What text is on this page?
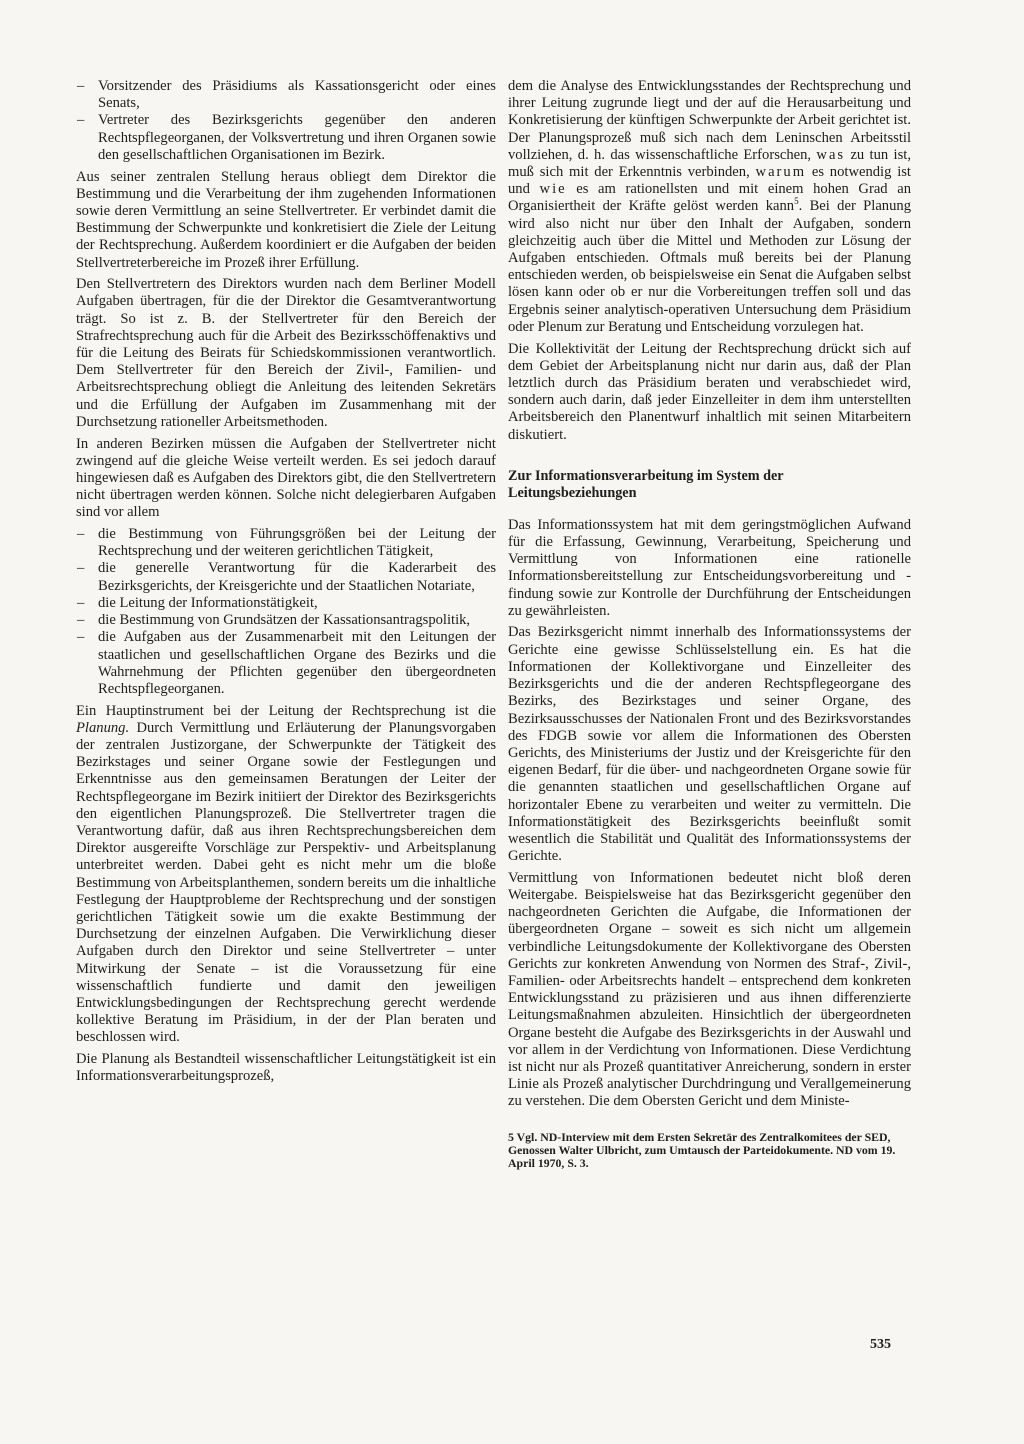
– Vorsitzender des Präsidiums als Kassationsgericht oder eines Senats,
– Vertreter des Bezirksgerichts gegenüber den anderen Rechtspflegeorganen, der Volksvertretung und ihren Organen sowie den gesellschaftlichen Organisationen im Bezirk.

Aus seiner zentralen Stellung heraus obliegt dem Direktor die Bestimmung und die Verarbeitung der ihm zugehenden Informationen sowie deren Vermittlung an seine Stellvertreter. Er verbindet damit die Bestimmung der Schwerpunkte und konkretisiert die Ziele der Leitung der Rechtsprechung. Außerdem koordiniert er die Aufgaben der beiden Stellvertreterbereiche im Prozeß ihrer Erfüllung.

Den Stellvertretern des Direktors wurden nach dem Berliner Modell Aufgaben übertragen, für die der Direktor die Gesamtverantwortung trägt. So ist z. B. der Stellvertreter für den Bereich der Strafrechtsprechung auch für die Arbeit des Bezirksschöffenaktivs und für die Leitung des Beirats für Schiedskommissionen verantwortlich. Dem Stellvertreter für den Bereich der Zivil-, Familien- und Arbeitsrechtsprechung obliegt die Anleitung des leitenden Sekretärs und die Erfüllung der Aufgaben im Zusammenhang mit der Durchsetzung rationeller Arbeitsmethoden.

In anderen Bezirken müssen die Aufgaben der Stellvertreter nicht zwingend auf die gleiche Weise verteilt werden. Es sei jedoch darauf hingewiesen daß es Aufgaben des Direktors gibt, die den Stellvertretern nicht übertragen werden können. Solche nicht delegierbaren Aufgaben sind vor allem

– die Bestimmung von Führungsgrößen bei der Leitung der Rechtsprechung und der weiteren gerichtlichen Tätigkeit,
– die generelle Verantwortung für die Kaderarbeit des Bezirksgerichts, der Kreisgerichte und der Staatlichen Notariate,
– die Leitung der Informationstätigkeit,
– die Bestimmung von Grundsätzen der Kassationsantragspolitik,
– die Aufgaben aus der Zusammenarbeit mit den Leitungen der staatlichen und gesellschaftlichen Organe des Bezirks und die Wahrnehmung der Pflichten gegenüber den übergeordneten Rechtspflegeorganen.

Ein Hauptinstrument bei der Leitung der Rechtsprechung ist die Planung. Durch Vermittlung und Erläuterung der Planungsvorgaben der zentralen Justizorgane, der Schwerpunkte der Tätigkeit des Bezirkstages und seiner Organe sowie der Festlegungen und Erkenntnisse aus den gemeinsamen Beratungen der Leiter der Rechtspflegeorgane im Bezirk initiiert der Direktor des Bezirksgerichts den eigentlichen Planungsprozeß. Die Stellvertreter tragen die Verantwortung dafür, daß aus ihren Rechtsprechungsbereichen dem Direktor ausgereifte Vorschläge zur Perspektiv- und Arbeitsplanung unterbreitet werden. Dabei geht es nicht mehr um die bloße Bestimmung von Arbeitsplanthemen, sondern bereits um die inhaltliche Festlegung der Hauptprobleme der Rechtsprechung und der sonstigen gerichtlichen Tätigkeit sowie um die exakte Bestimmung der Durchsetzung der einzelnen Aufgaben. Die Verwirklichung dieser Aufgaben durch den Direktor und seine Stellvertreter – unter Mitwirkung der Senate – ist die Voraussetzung für eine wissenschaftlich fundierte und damit den jeweiligen Entwicklungsbedingungen der Rechtsprechung gerecht werdende kollektive Beratung im Präsidium, in der der Plan beraten und beschlossen wird.

Die Planung als Bestandteil wissenschaftlicher Leitungstätigkeit ist ein Informationsverarbeitungsprozeß,

dem die Analyse des Entwicklungsstandes der Rechtsprechung und ihrer Leitung zugrunde liegt und der auf die Herausarbeitung und Konkretisierung der künftigen Schwerpunkte der Arbeit gerichtet ist. Der Planungsprozeß muß sich nach dem Leninschen Arbeitsstil vollziehen, d. h. das wissenschaftliche Erforschen, was zu tun ist, muß sich mit der Erkenntnis verbinden, warum es notwendig ist und wie es am rationellsten und mit einem hohen Grad an Organisiertheit der Kräfte gelöst werden kann$^5$. Bei der Planung wird also nicht nur über den Inhalt der Aufgaben, sondern gleichzeitig auch über die Mittel und Methoden zur Lösung der Aufgaben entschieden. Oftmals muß bereits bei der Planung entschieden werden, ob beispielsweise ein Senat die Aufgaben selbst lösen kann oder ob er nur die Vorbereitungen treffen soll und das Ergebnis seiner analytisch-operativen Untersuchung dem Präsidium oder Plenum zur Beratung und Entscheidung vorzulegen hat.

Die Kollektivität der Leitung der Rechtsprechung drückt sich auf dem Gebiet der Arbeitsplanung nicht nur darin aus, daß der Plan letztlich durch das Präsidium beraten und verabschiedet wird, sondern auch darin, daß jeder Einzelleiter in dem ihm unterstellten Arbeitsbereich den Planentwurf inhaltlich mit seinen Mitarbeitern diskutiert.

Zur Informationsverarbeitung im System der Leitungsbeziehungen

Das Informationssystem hat mit dem geringstmöglichen Aufwand für die Erfassung, Gewinnung, Verarbeitung, Speicherung und Vermittlung von Informationen eine rationelle Informationsbereitstellung zur Entscheidungsvorbereitung und -findung sowie zur Kontrolle der Durchführung der Entscheidungen zu gewährleisten.

Das Bezirksgericht nimmt innerhalb des Informationssystems der Gerichte eine gewisse Schlüsselstellung ein. Es hat die Informationen der Kollektivorgane und Einzelleiter des Bezirksgerichts und die der anderen Rechtspflegeorgane des Bezirks, des Bezirkstages und seiner Organe, des Bezirksausschusses der Nationalen Front und des Bezirksvorstandes des FDGB sowie vor allem die Informationen des Obersten Gerichts, des Ministeriums der Justiz und der Kreisgerichte für den eigenen Bedarf, für die über- und nachgeordneten Organe sowie für die genannten staatlichen und gesellschaftlichen Organe auf horizontaler Ebene zu verarbeiten und weiter zu vermitteln. Die Informationstätigkeit des Bezirksgerichts beeinflußt somit wesentlich die Stabilität und Qualität des Informationssystems der Gerichte.

Vermittlung von Informationen bedeutet nicht bloß deren Weitergabe. Beispielsweise hat das Bezirksgericht gegenüber den nachgeordneten Gerichten die Aufgabe, die Informationen der übergeordneten Organe – soweit es sich nicht um allgemein verbindliche Leitungsdokumente der Kollektivorgane des Obersten Gerichts zur konkreten Anwendung von Normen des Straf-, Zivil-, Familien- oder Arbeitsrechts handelt – entsprechend dem konkreten Entwicklungsstand zu präzisieren und aus ihnen differenzierte Leitungsmaßnahmen abzuleiten. Hinsichtlich der übergeordneten Organe besteht die Aufgabe des Bezirksgerichts in der Auswahl und vor allem in der Verdichtung von Informationen. Diese Verdichtung ist nicht nur als Prozeß quantitativer Anreicherung, sondern in erster Linie als Prozeß analytischer Durchdringung und Verallgemeinerung zu verstehen. Die dem Obersten Gericht und dem Ministe-

5 Vgl. ND-Interview mit dem Ersten Sekretär des Zentralkomitees der SED, Genossen Walter Ulbricht, zum Umtausch der Parteidokumente. ND vom 19. April 1970, S. 3.
535
